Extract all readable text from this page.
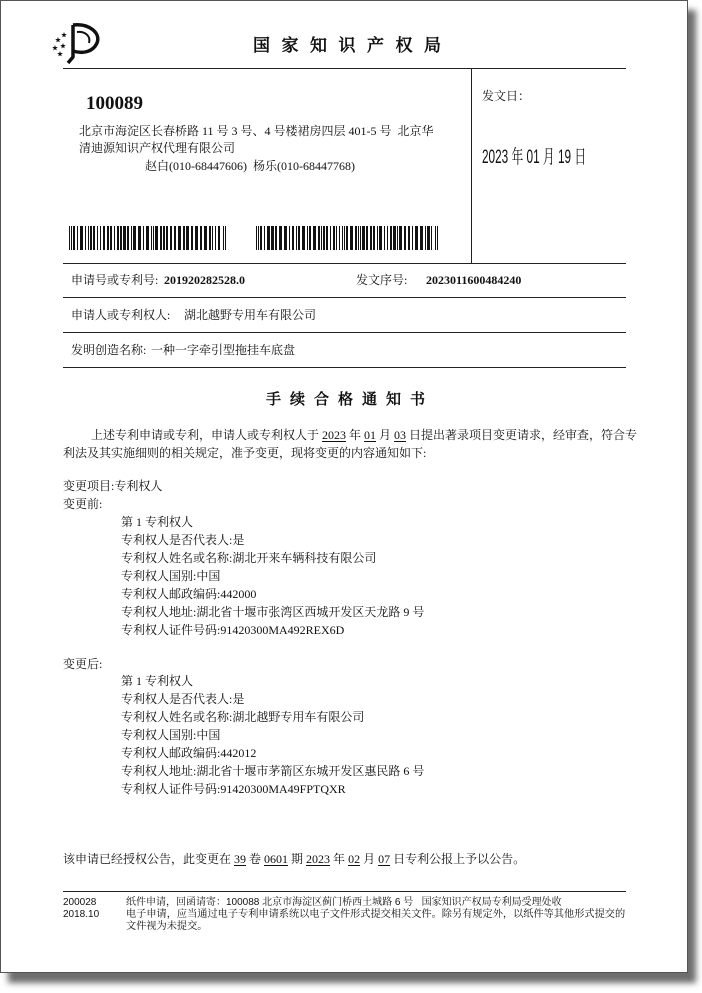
国家知识产权局
100089
北京市海淀区长春桥路 11 号 3 号、4 号楼裙房四层 401-5 号  北京华
清迪源知识产权代理有限公司
赵白(010-68447606)  杨乐(010-68447768)
发文日：
2023 年 01 月 19 日
申请号或专利号: 201920282528.0	发文序号: 2023011600484240
申请人或专利权人: 湖北越野专用车有限公司
发明创造名称: 一种一字牵引型拖挂车底盘
手续合格通知书
上述专利申请或专利，申请人或专利权人于 2023 年 01 月 03 日提出著录项目变更请求，经审查，符合专
利法及其实施细则的相关规定，准予变更，现将变更的内容通知如下:
变更项目:专利权人
变更前:
第 1 专利权人
专利权人是否代表人:是
专利权人姓名或名称:湖北开来车辆科技有限公司
专利权人国别:中国
专利权人邮政编码:442000
专利权人地址:湖北省十堰市张湾区西城开发区天龙路 9 号
专利权人证件号码:91420300MA492REX6D
变更后:
第 1 专利权人
专利权人是否代表人:是
专利权人姓名或名称:湖北越野专用车有限公司
专利权人国别:中国
专利权人邮政编码:442012
专利权人地址:湖北省十堰市茅箭区东城开发区惠民路 6 号
专利权人证件号码:91420300MA49FPTQXR
该申请已经授权公告，此变更在 39 卷 0601 期 2023 年 02 月 07 日专利公报上予以公告。
200028
2018.10
纸件申请，回函请寄：100088 北京市海淀区蓟门桥西土城路 6 号   国家知识产权局专利局受理处收
电子申请，应当通过电子专利申请系统以电子文件形式提交相关文件。除另有规定外，以纸件等其他形式提交的
文件视为未提交。
